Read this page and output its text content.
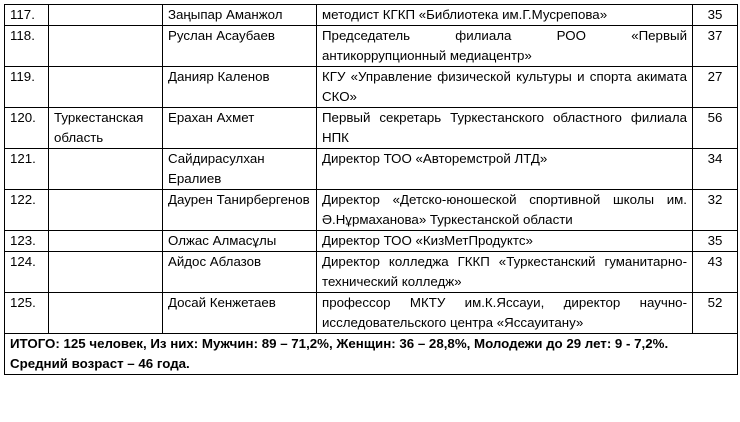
117.		Заңыпар Аманжол	методист КГКП «Библиотека им.Г.Мусрепова»	35
118.		Руслан Асаубаев	Председатель филиала РОО «Первый антикоррупционный медиацентр»	37
119.		Данияр Каленов	КГУ «Управление физической культуры и спорта акимата СКО»	27
120.	Туркестанская область	Ерахан Ахмет	Первый секретарь Туркестанского областного филиала НПК	56
121.		Сайдирасулхан Ералиев	Директор ТОО «Авторемстрой ЛТД»	34
122.		Даурен Танирбергенов	Директор «Детско-юношеской спортивной школы им. Ә.Нұрмаханова» Туркестанской области	32
123.		Олжас Алмасұлы	Директор ТОО «КизМетПродуктс»	35
124.		Айдос Аблазов	Директор колледжа ГККП «Туркестанский гуманитарно-технический колледж»	43
125.		Досай Кенжетаев	профессор МКТУ им.К.Яссауи, директор научно-исследовательского центра «Яссауитану»	52

ИТОГО: 125 человек, Из них: Мужчин: 89 – 71,2%, Женщин: 36 – 28,8%, Молодежи до 29 лет: 9 - 7,2%.
Средний возраст – 46 года.				
